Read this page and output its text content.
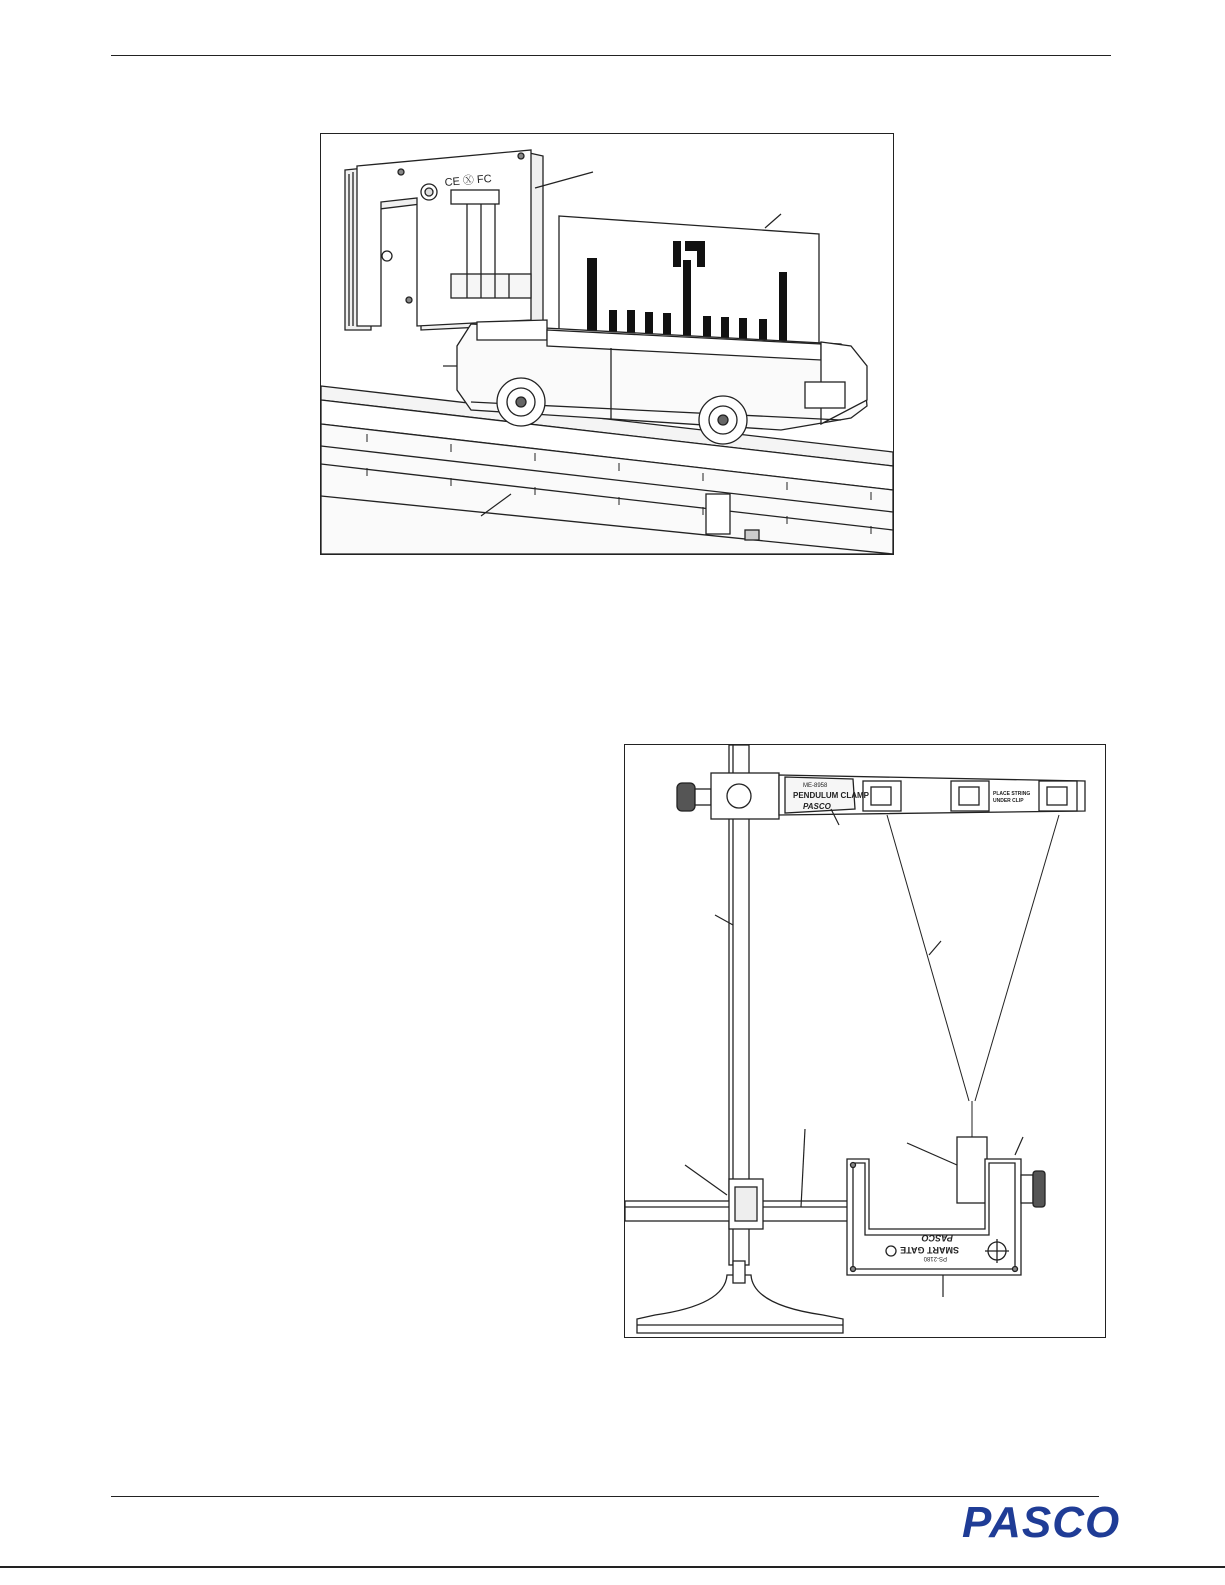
CE Ⓧ FC
ME-8958
PENDULUM CLAMP
PASCO
PLACE STRING
UNDER CLIP
PS-2180
SMART GATE
PASCO
PASCO
